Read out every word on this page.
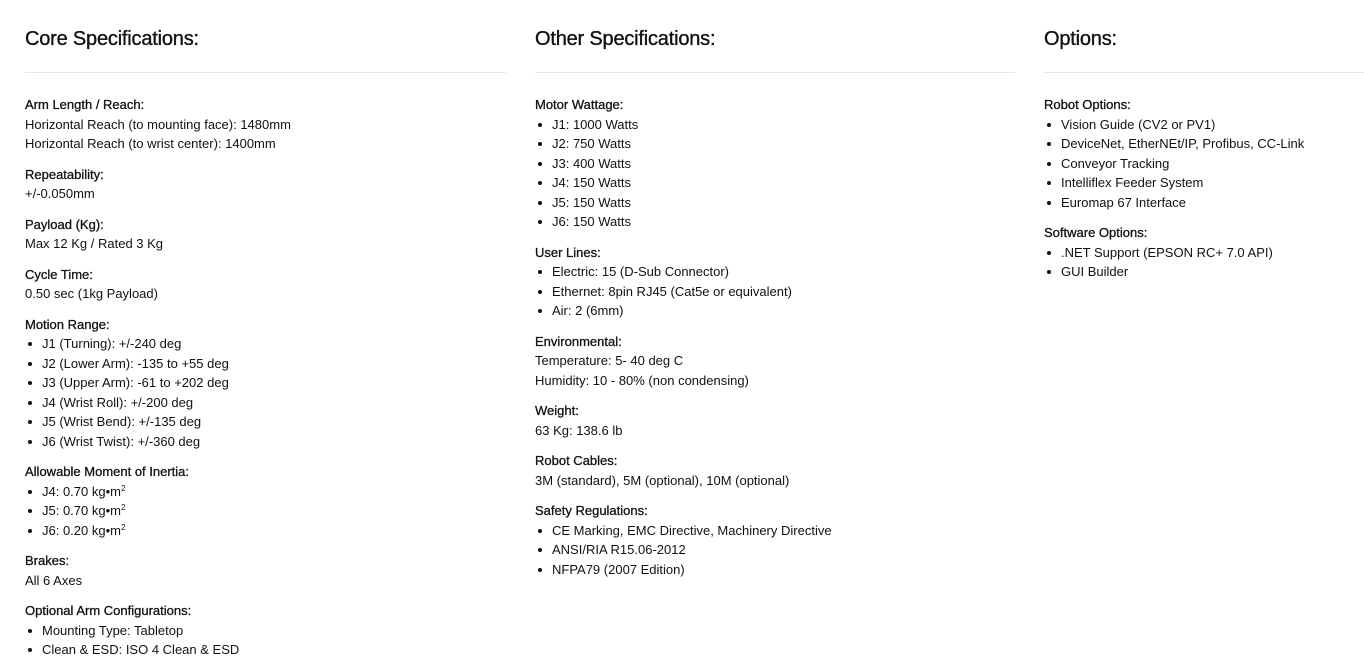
Core Specifications:
Arm Length / Reach:
Horizontal Reach (to mounting face): 1480mm
Horizontal Reach (to wrist center): 1400mm
Repeatability:
+/-0.050mm
Payload (Kg):
Max 12 Kg / Rated 3 Kg
Cycle Time:
0.50 sec (1kg Payload)
Motion Range:
J1 (Turning): +/-240 deg
J2 (Lower Arm): -135 to +55 deg
J3 (Upper Arm): -61 to +202 deg
J4 (Wrist Roll): +/-200 deg
J5 (Wrist Bend): +/-135 deg
J6 (Wrist Twist): +/-360 deg
Allowable Moment of Inertia:
J4: 0.70 $kg•m^2$
J5: 0.70 $kg•m^2$
J6: 0.20 $kg•m^2$
Brakes:
All 6 Axes
Optional Arm Configurations:
Mounting Type: Tabletop
Clean & ESD: ISO 4 Clean & ESD
Other Specifications:
Motor Wattage:
J1: 1000 Watts
J2: 750 Watts
J3: 400 Watts
J4: 150 Watts
J5: 150 Watts
J6: 150 Watts
User Lines:
Electric: 15 (D-Sub Connector)
Ethernet: 8pin RJ45 (Cat5e or equivalent)
Air: 2 (6mm)
Environmental:
Temperature: 5- 40 deg C
Humidity: 10 - 80% (non condensing)
Weight:
63 Kg: 138.6 lb
Robot Cables:
3M (standard), 5M (optional), 10M (optional)
Safety Regulations:
CE Marking, EMC Directive, Machinery Directive
ANSI/RIA R15.06-2012
NFPA79 (2007 Edition)
Options:
Robot Options:
Vision Guide (CV2 or PV1)
DeviceNet, EtherNEt/IP, Profibus, CC-Link
Conveyor Tracking
Intelliflex Feeder System
Euromap 67 Interface
Software Options:
.NET Support (EPSON RC+ 7.0 API)
GUI Builder
